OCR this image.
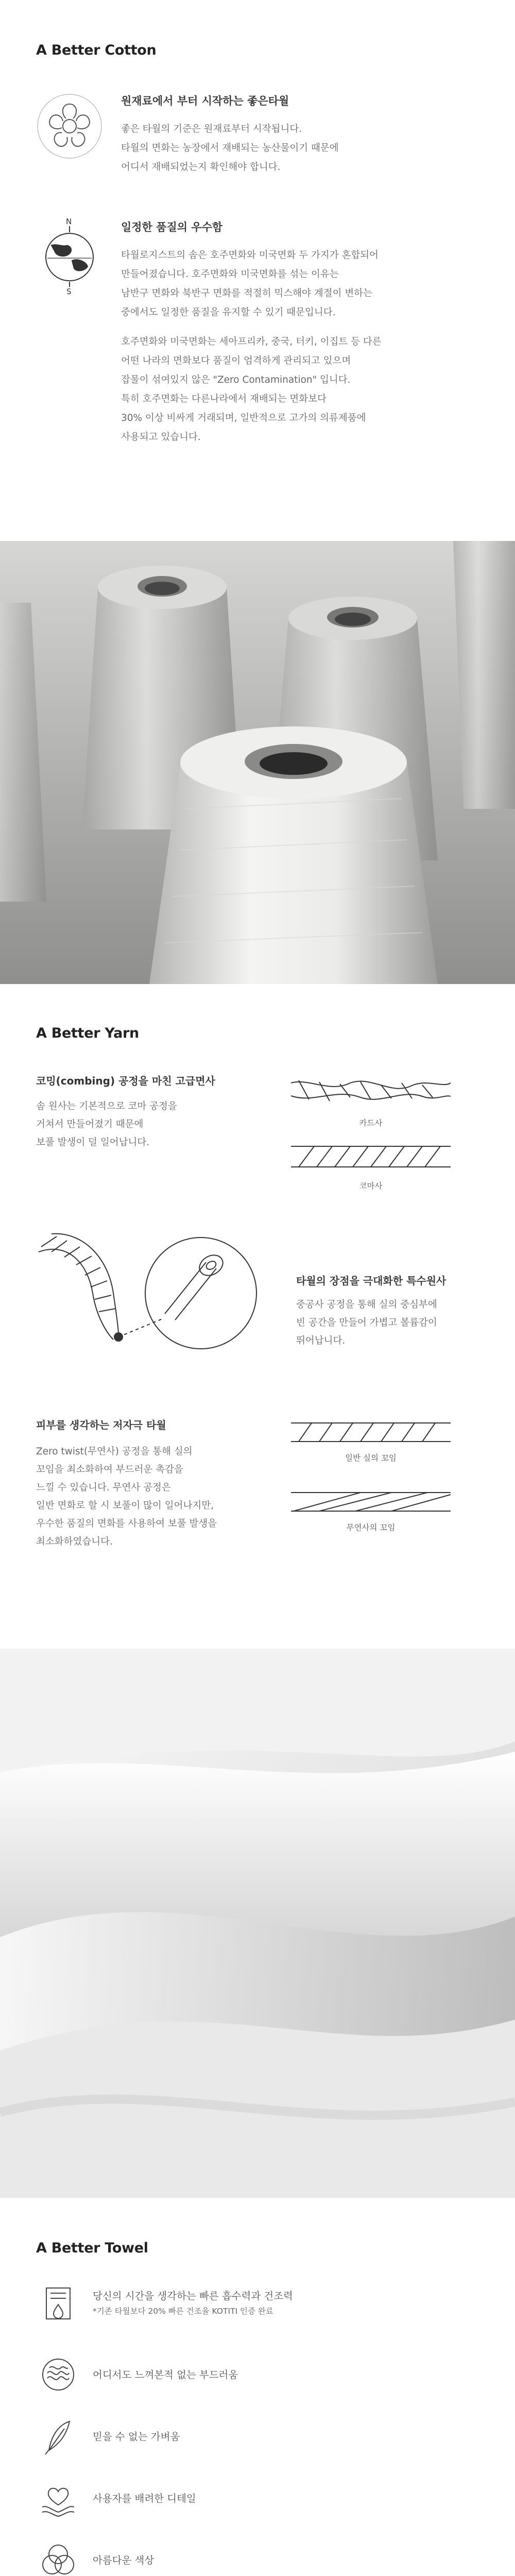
A Better Cotton
원재료에서 부터 시작하는 좋은타월

좋은 타월의 기준은 원재료부터 시작됩니다.
타월의 면화는 농장에서 재배되는 농산물이기 때문에
어디서 재배되었는지 확인해야 합니다.

N
S
일정한 품질의 우수함

타월로지스트의 솜은 호주면화와 미국면화 두 가지가 혼합되어
만들어졌습니다. 호주면화와 미국면화를 섞는 이유는
남반구 면화와 북반구 면화를 적절히 믹스해야 계절이 변하는
중에서도 일정한 품질을 유지할 수 있기 때문입니다.

호주면화와 미국면화는 세아프리카, 중국, 터키, 이집트 등 다른
어떤 나라의 면화보다 품질이 엄격하게 관리되고 있으며
잡물이 섞여있지 않은 "Zero Contamination" 입니다.
특히 호주면화는 다른나라에서 재배되는 면화보다
30% 이상 비싸게 거래되며, 일반적으로 고가의 의류제품에
사용되고 있습니다.

A Better Yarn
코밍(combing) 공정을 마친 고급면사

솜 원사는 기본적으로 코마 공정을
거쳐서 만들어졌기 때문에
보풀 발생이 덜 일어납니다.

카드사
코마사
타월의 장점을 극대화한 특수원사

중공사 공정을 통해 실의 중심부에
빈 공간을 만들어 가볍고 볼륨감이
뛰어납니다.

피부를 생각하는 저자극 타월

Zero twist(무연사) 공정을 통해 실의
꼬임을 최소화하여 부드러운 촉감을
느낄 수 있습니다. 무연사 공정은
일반 면화로 할 시 보풀이 많이 일어나지만,
우수한 품질의 면화를 사용하여 보풀 발생을
최소화하였습니다.

일반 실의 꼬임
무연사의 꼬임
A Better Towel
당신의 시간을 생각하는 빠른 흡수력과 건조력
*기존 타월보다 20% 빠른 건조율 KOTITI 인증 완료
어디서도 느껴본적 없는 부드러움
믿을 수 없는 가벼움
사용자를 배려한 디테일
아름다운 색상
